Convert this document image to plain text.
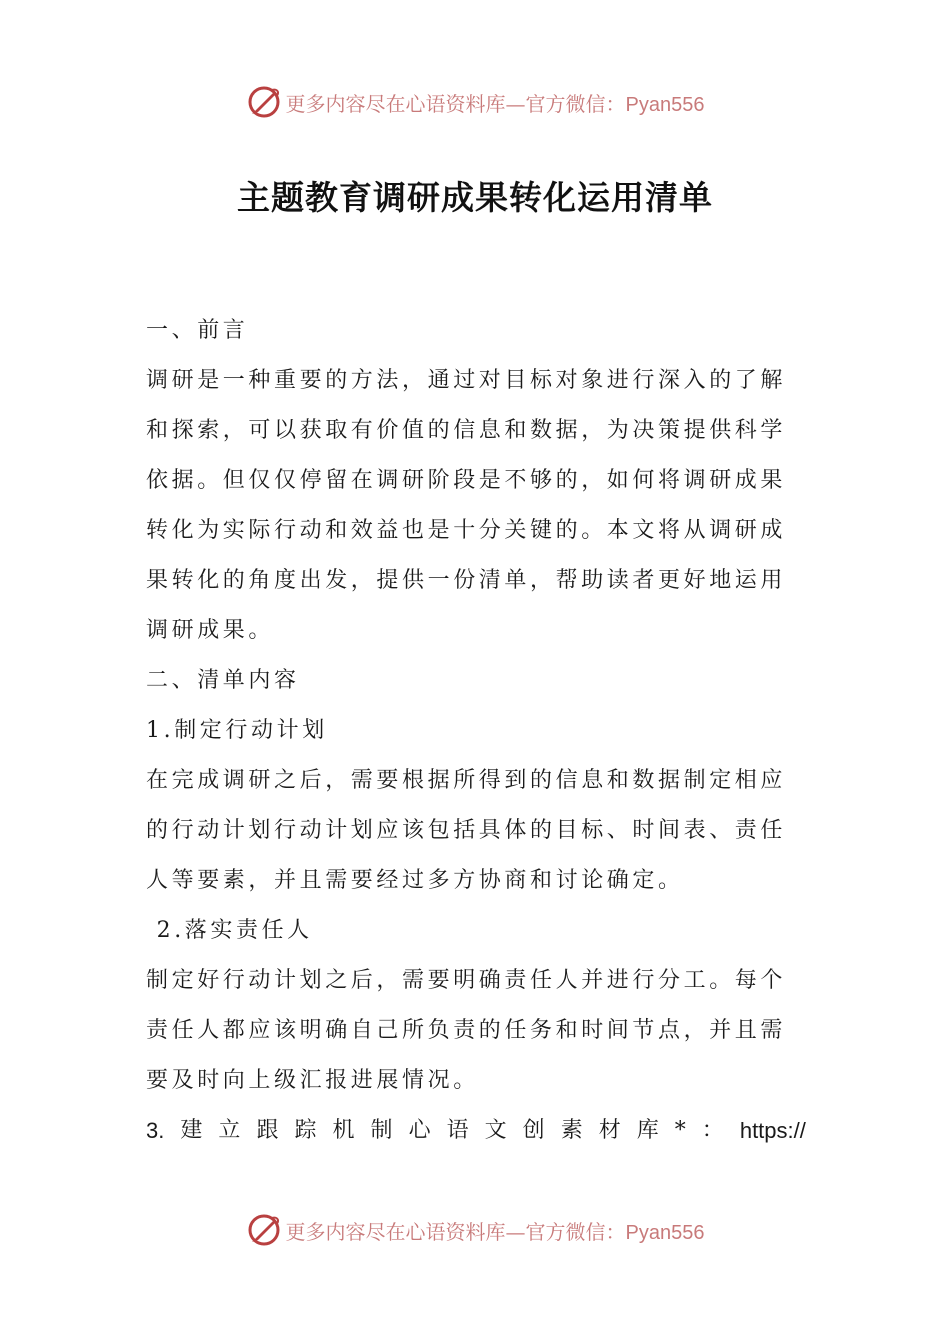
更多内容尽在心语资料库—官方微信：Pyan556
主题教育调研成果转化运用清单
一、前言
调研是一种重要的方法，通过对目标对象进行深入的了解
和探索，可以获取有价值的信息和数据，为决策提供科学
依据。但仅仅停留在调研阶段是不够的，如何将调研成果
转化为实际行动和效益也是十分关键的。本文将从调研成
果转化的角度出发，提供一份清单，帮助读者更好地运用
调研成果。
二、清单内容
1.制定行动计划
在完成调研之后，需要根据所得到的信息和数据制定相应
的行动计划行动计划应该包括具体的目标、时间表、责任
人等要素，并且需要经过多方协商和讨论确定。
2.落实责任人
制定好行动计划之后，需要明确责任人并进行分工。每个
责任人都应该明确自己所负责的任务和时间节点，并且需
要及时向上级汇报进展情况。
3. 建 立 跟 踪 机 制 心 语 文 创 素 材 库 * ： https://
更多内容尽在心语资料库—官方微信：Pyan556
